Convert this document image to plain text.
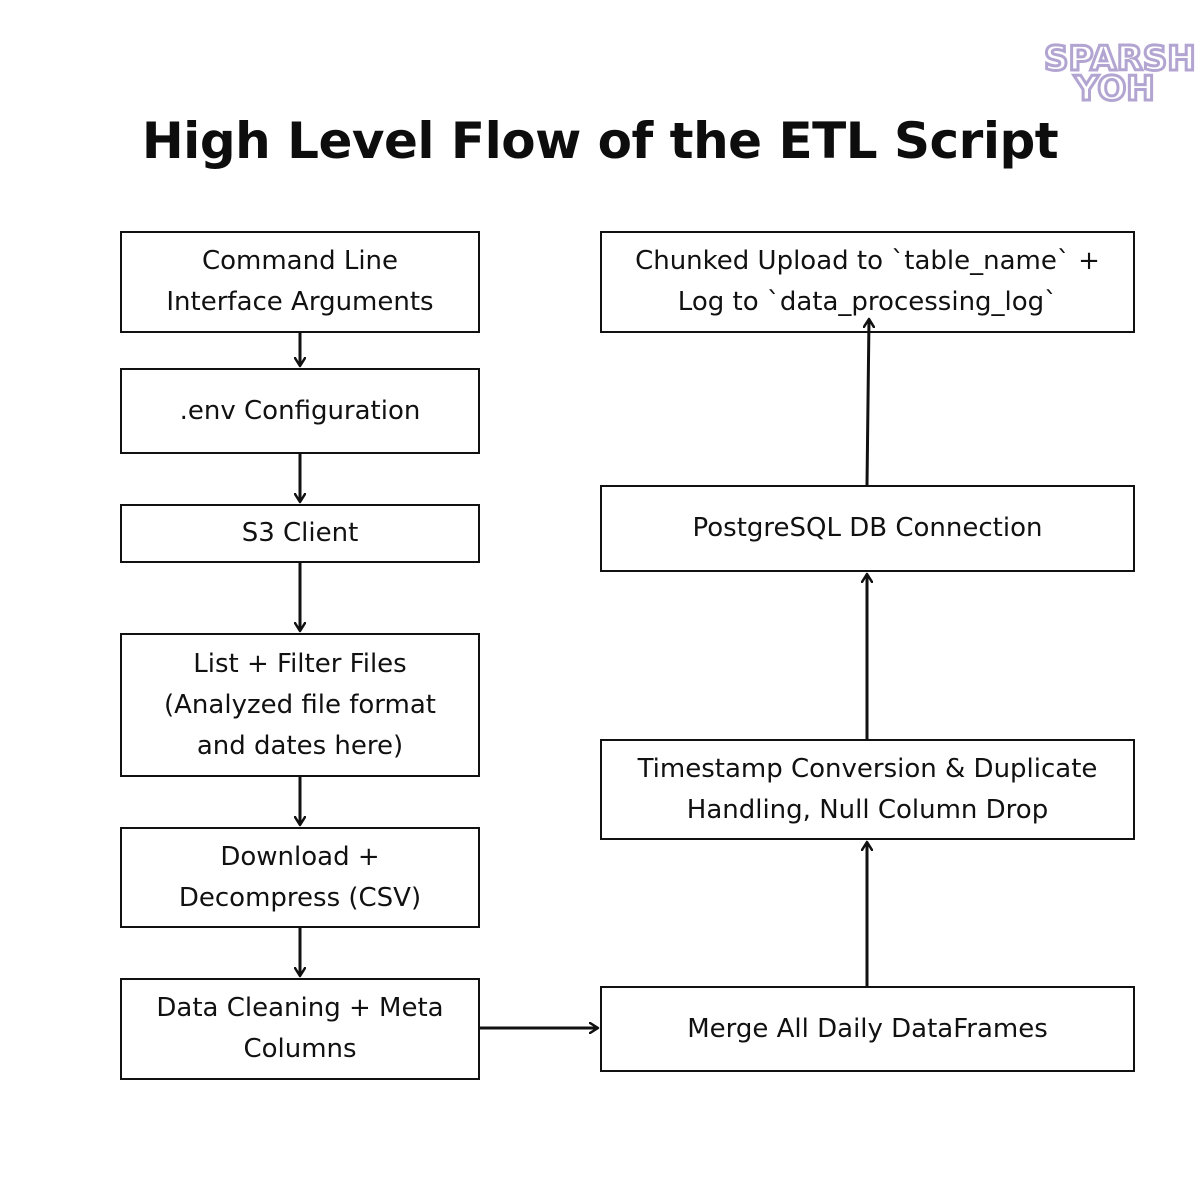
SPARSH
YOH
High Level Flow of the ETL Script
Command Line
Interface Arguments
.env Configuration
S3 Client
List + Filter Files
(Analyzed file format
and dates here)
Download +
Decompress (CSV)
Data Cleaning + Meta
Columns
Chunked Upload to `table_name` +
Log to `data_processing_log`
PostgreSQL DB Connection
Timestamp Conversion & Duplicate
Handling, Null Column Drop
Merge All Daily DataFrames
